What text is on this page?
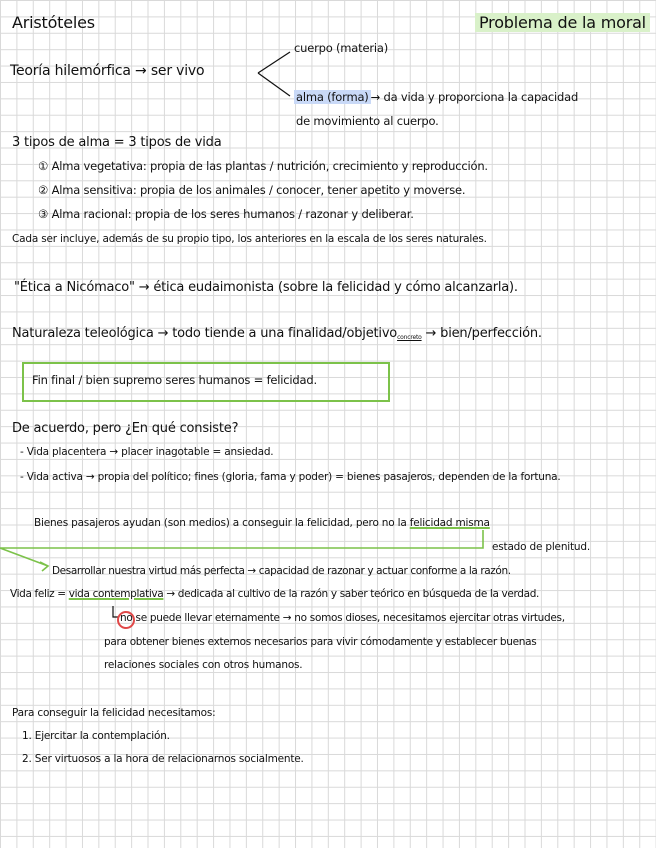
Aristóteles	Problema de la moral
Teoría hilemórfica → ser vivo
cuerpo (materia)
alma (forma) → da vida y proporciona la capacidad
de movimiento al cuerpo.
3 tipos de alma = 3 tipos de vida
① Alma vegetativa: propia de las plantas / nutrición, crecimiento y reproducción.
② Alma sensitiva: propia de los animales / conocer, tener apetito y moverse.
③ Alma racional: propia de los seres humanos / razonar y deliberar.
Cada ser incluye, además de su propio tipo, los anteriores en la escala de los seres naturales.
"Ética a Nicómaco" → ética eudaimonista (sobre la felicidad y cómo alcanzarla).
Naturaleza teleológica → todo tiende a una finalidad/objetivoconcreto → bien/perfección.
Fin final / bien supremo seres humanos = felicidad.
De acuerdo, pero ¿En qué consiste?
- Vida placentera → placer inagotable = ansiedad.
- Vida activa → propia del político; fines (gloria, fama y poder) = bienes pasajeros, dependen de la fortuna.
Bienes pasajeros ayudan (son medios) a conseguir la felicidad, pero no la felicidad misma
estado de plenitud.
Desarrollar nuestra virtud más perfecta → capacidad de razonar y actuar conforme a la razón.
Vida feliz = vida contemplativa → dedicada al cultivo de la razón y saber teórico en búsqueda de la verdad.
no se puede llevar eternamente → no somos dioses, necesitamos ejercitar otras virtudes,
para obtener bienes externos necesarios para vivir cómodamente y establecer buenas
relaciones sociales con otros humanos.
Para conseguir la felicidad necesitamos:
1. Ejercitar la contemplación.
2. Ser virtuosos a la hora de relacionarnos socialmente.
